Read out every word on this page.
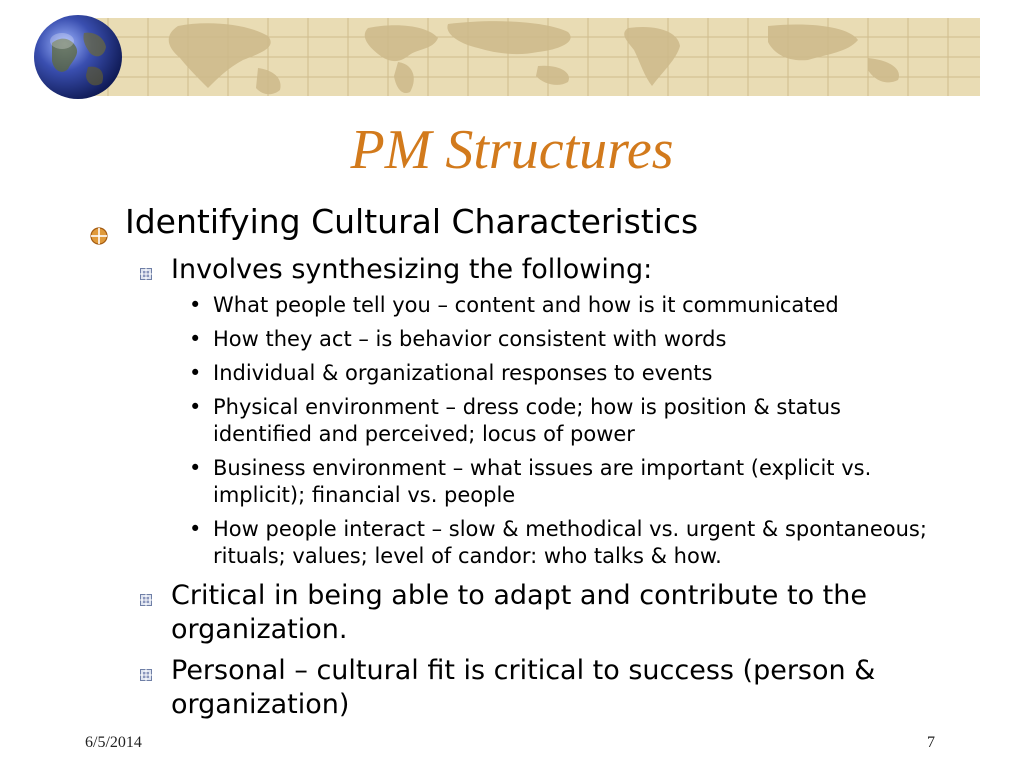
PM Structures
Identifying Cultural Characteristics
Involves synthesizing the following:
• What people tell you – content and how is it communicated
• How they act – is behavior consistent with words
• Individual & organizational responses to events
• Physical environment – dress code; how is position & status identified and perceived; locus of power
• Business environment – what issues are important (explicit vs. implicit); financial vs. people
• How people interact – slow & methodical vs. urgent & spontaneous; rituals; values; level of candor: who talks & how.
Critical in being able to adapt and contribute to the organization.
Personal – cultural fit is critical to success (person & organization)
6/5/2014	7
